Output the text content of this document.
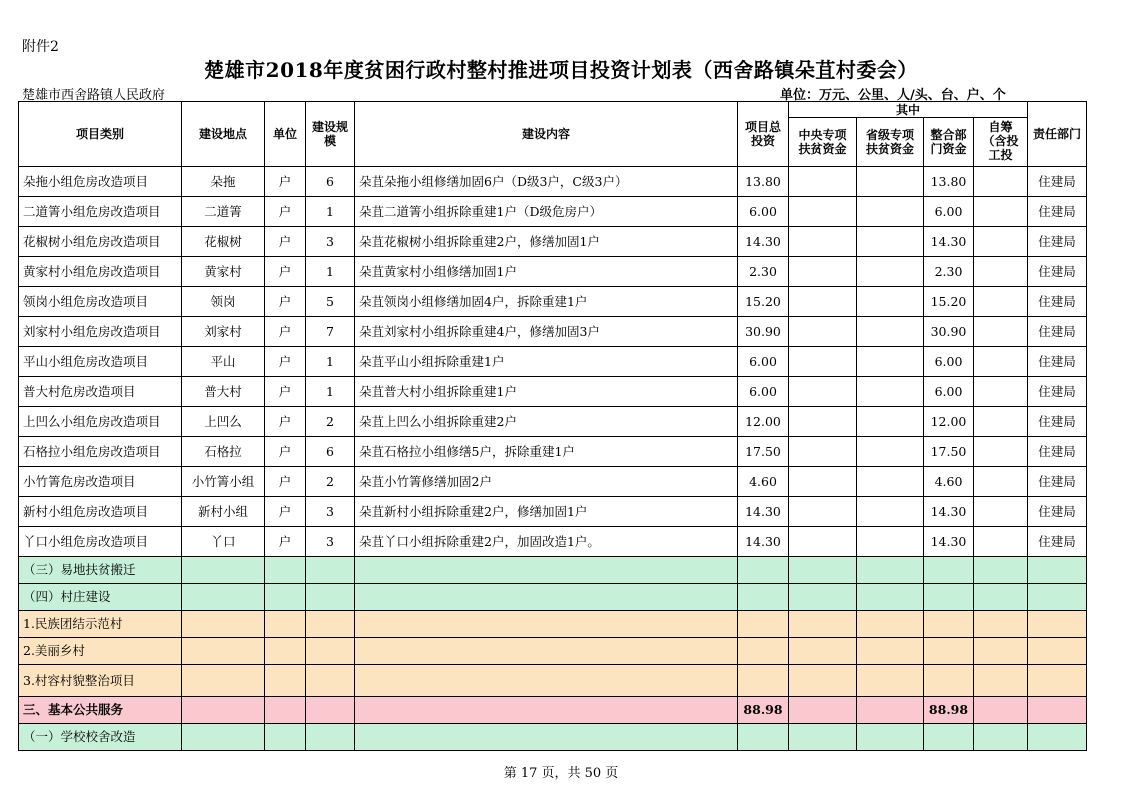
附件2
楚雄市2018年度贫困行政村整村推进项目投资计划表（西舍路镇朵苴村委会）
楚雄市西舍路镇人民政府	单位：万元、公里、人/头、台、户、个
项目类别	建设地点	单位	建设规模	建设内容	项目总投资	其中				责任部门
						中央专项扶贫资金	省级专项扶贫资金	整合部门资金	自筹（含投工投	
朵拖小组危房改造项目	朵拖	户	6	朵苴朵拖小组修缮加固6户（D级3户，C级3户）	13.80			13.80		住建局
二道箐小组危房改造项目	二道箐	户	1	朵苴二道箐小组拆除重建1户（D级危房户）	6.00			6.00		住建局
花椒树小组危房改造项目	花椒树	户	3	朵苴花椒树小组拆除重建2户，修缮加固1户	14.30			14.30		住建局
黄家村小组危房改造项目	黄家村	户	1	朵苴黄家村小组修缮加固1户	2.30			2.30		住建局
领岗小组危房改造项目	领岗	户	5	朵苴领岗小组修缮加固4户，拆除重建1户	15.20			15.20		住建局
刘家村小组危房改造项目	刘家村	户	7	朵苴刘家村小组拆除重建4户，修缮加固3户	30.90			30.90		住建局
平山小组危房改造项目	平山	户	1	朵苴平山小组拆除重建1户	6.00			6.00		住建局
普大村危房改造项目	普大村	户	1	朵苴普大村小组拆除重建1户	6.00			6.00		住建局
上凹么小组危房改造项目	上凹么	户	2	朵苴上凹么小组拆除重建2户	12.00			12.00		住建局
石格拉小组危房改造项目	石格拉	户	6	朵苴石格拉小组修缮5户，拆除重建1户	17.50			17.50		住建局
小竹箐危房改造项目	小竹箐小组	户	2	朵苴小竹箐修缮加固2户	4.60			4.60		住建局
新村小组危房改造项目	新村小组	户	3	朵苴新村小组拆除重建2户，修缮加固1户	14.30			14.30		住建局
丫口小组危房改造项目	丫口	户	3	朵苴丫口小组拆除重建2户，加固改造1户。	14.30			14.30		住建局
（三）易地扶贫搬迁										
（四）村庄建设										
1.民族团结示范村										
2.美丽乡村										
3.村容村貌整治项目										
三、基本公共服务					88.98			88.98		
（一）学校校舍改造										
第 17 页，共 50 页
